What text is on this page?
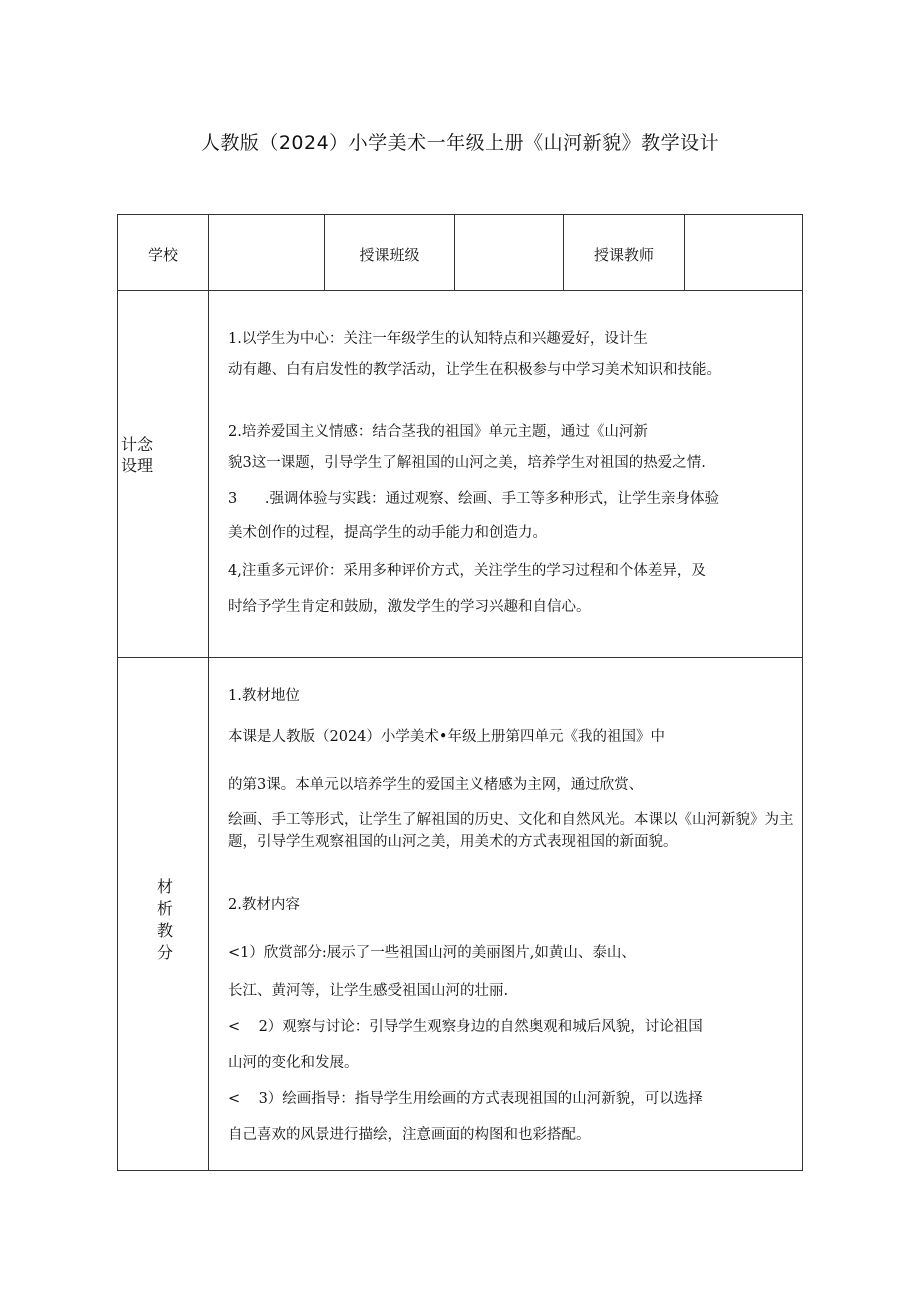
人教版（2024）小学美术一年级上册《山河新貌》教学设计
学校	授课班级	授课教师
计念
设理
1.以学生为中心：关注一年级学生的认知特点和兴趣爱好，设计生
动有趣、白有启发性的教学活动，让学生在积极参与中学习美术知识和技能。
2.培养爱国主义情感：结合茎我的祖国》单元主题，通过《山河新
貌3这一课题，引导学生了解祖国的山河之美，培养学生对祖国的热爱之情.
3      .强调体验与实践：通过观察、绘画、手工等多种形式，让学生亲身体验
美术创作的过程，提高学生的动手能力和创造力。
4,注重多元评价：采用多种评价方式，关注学生的学习过程和个体差异，及
时给予学生肯定和鼓励，激发学生的学习兴趣和自信心。
材
析
教
分
1.教材地位
本课是人教版（2024）小学美术•年级上册第四单元《我的祖国》中
的第3课。本单元以培养学生的爱国主义楮感为主网，通过欣赏、
绘画、手工等形式，让学生了解祖国的历史、文化和自然风光。本课以《山河新貌》为主题，引导学生观察祖国的山河之美，用美术的方式表现祖国的新面貌。
2.教材内容
<1）欣赏部分:展示了一些祖国山河的美丽图片,如黄山、泰山、
长江、黄河等，让学生感受祖国山河的壮丽.
<    2）观察与讨论：引导学生观察身边的自然奥观和城后风貌，讨论祖国
山河的变化和发展。
<    3）绘画指导：指导学生用绘画的方式表现祖国的山河新貌，可以选择
自己喜欢的风景进行描绘，注意画面的构图和也彩搭配。
